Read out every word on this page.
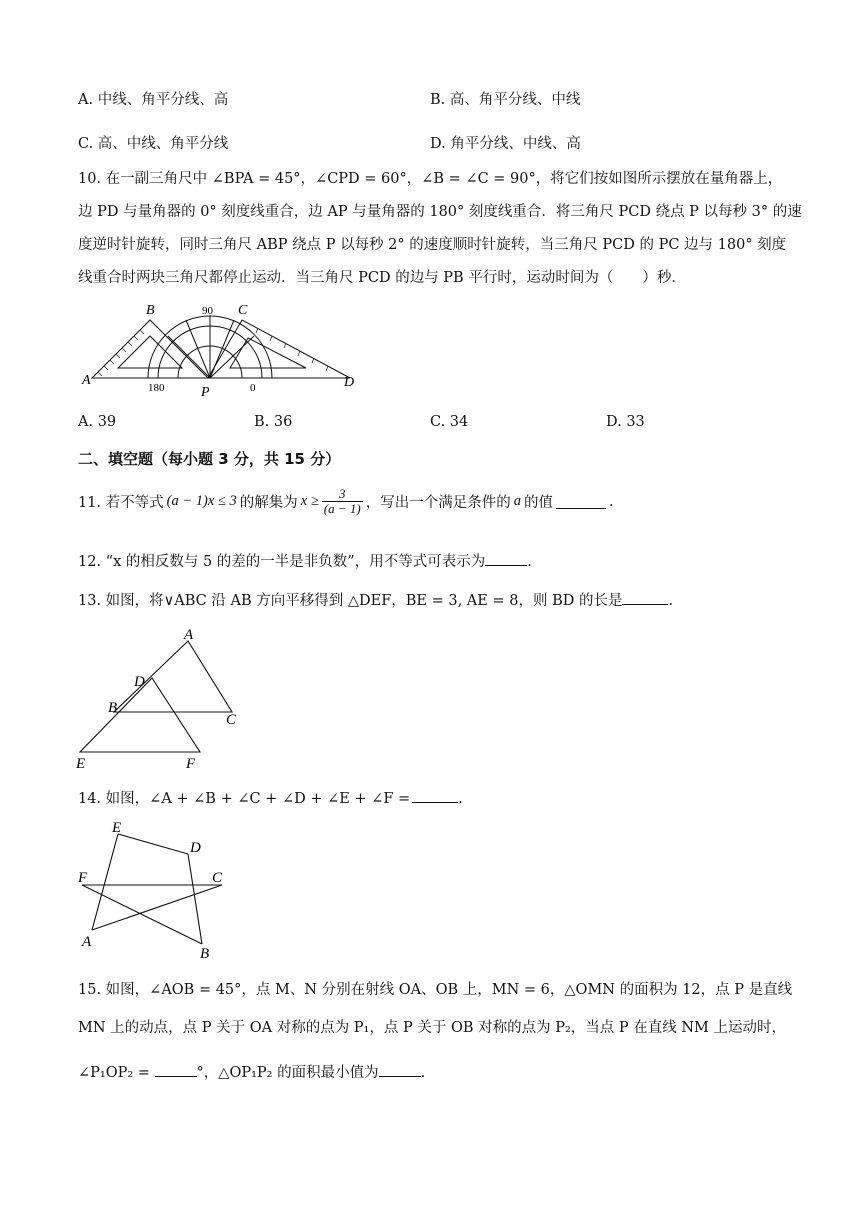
A. 中线、角平分线、高	B. 高、角平分线、中线
C. 高、中线、角平分线	D. 角平分线、中线、高
10. 在一副三角尺中 ∠BPA = 45°，∠CPD = 60°，∠B = ∠C = 90°，将它们按如图所示摆放在量角器上，
边 PD 与量角器的 0° 刻度线重合，边 AP 与量角器的 180° 刻度线重合．将三角尺 PCD 绕点 P 以每秒 3° 的速
度逆时针旋转，同时三角尺 ABP 绕点 P 以每秒 2° 的速度顺时针旋转，当三角尺 PCD 的 PC 边与 180° 刻度
线重合时两块三角尺都停止运动．当三角尺 PCD 的边与 PB 平行时，运动时间为（　　）秒．
A
B	C
D
P
90
180	0
A. 39	B. 36	C. 34	D. 33
二、填空题（每小题 3 分，共 15 分）
11. 若不等式 (a − 1)x ≤ 3 的解集为 $x \ge \frac{3}{(a - 1)}$ ，写出一个满足条件的 a 的值	.
12. “x 的相反数与 5 的差的一半是非负数”，用不等式可表示为	.
13. 如图，将∨ABC 沿 AB 方向平移得到 △DEF，BE = 3, AE = 8，则 BD 的长是	.
A
D
B
C
E	F
14. 如图，∠A + ∠B + ∠C + ∠D + ∠E + ∠F =	.
E
D
F	C
A
B
15. 如图，∠AOB = 45°，点 M、N 分别在射线 OA、OB 上，MN = 6，△OMN 的面积为 12，点 P 是直线
MN 上的动点，点 P 关于 OA 对称的点为 P₁，点 P 关于 OB 对称的点为 P₂，当点 P 在直线 NM 上运动时，
∠P₁OP₂ =	°，△OP₁P₂ 的面积最小值为	.
